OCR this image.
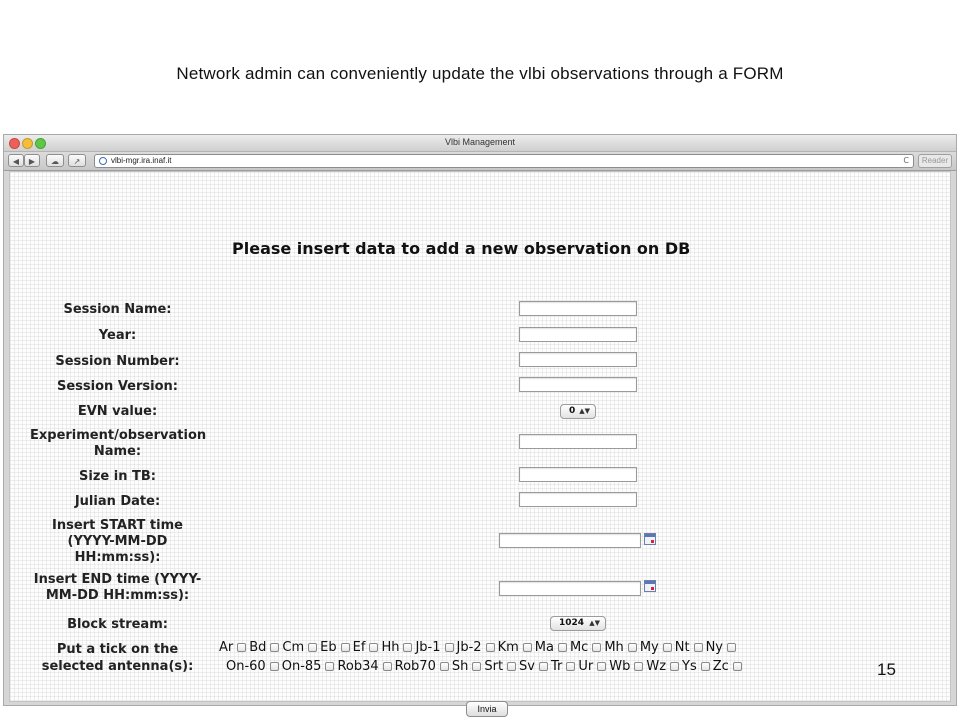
Network admin can conveniently update the vlbi observations through a FORM
Vlbi Management
◀	▶	☁	↗	vlbi-mgr.ira.inaf.it	C	Reader
Please insert data to add a new observation on DB
Session Name:
Year:
Session Number:
Session Version:
EVN value:	0 ▲▼
Experiment/observation
Name:
Size in TB:
Julian Date:
Insert START time
(YYYY-MM-DD
HH:mm:ss):
Insert END time (YYYY-
MM-DD HH:mm:ss):
Block stream:	1024 ▲▼
Put a tick on the
selected antenna(s):
Ar Bd Cm Eb Ef Hh Jb-1 Jb-2 Km Ma Mc Mh My Nt Ny
On-60 On-85 Rob34 Rob70 Sh Srt Sv Tr Ur Wb Wz Ys Zc
Invia
15
